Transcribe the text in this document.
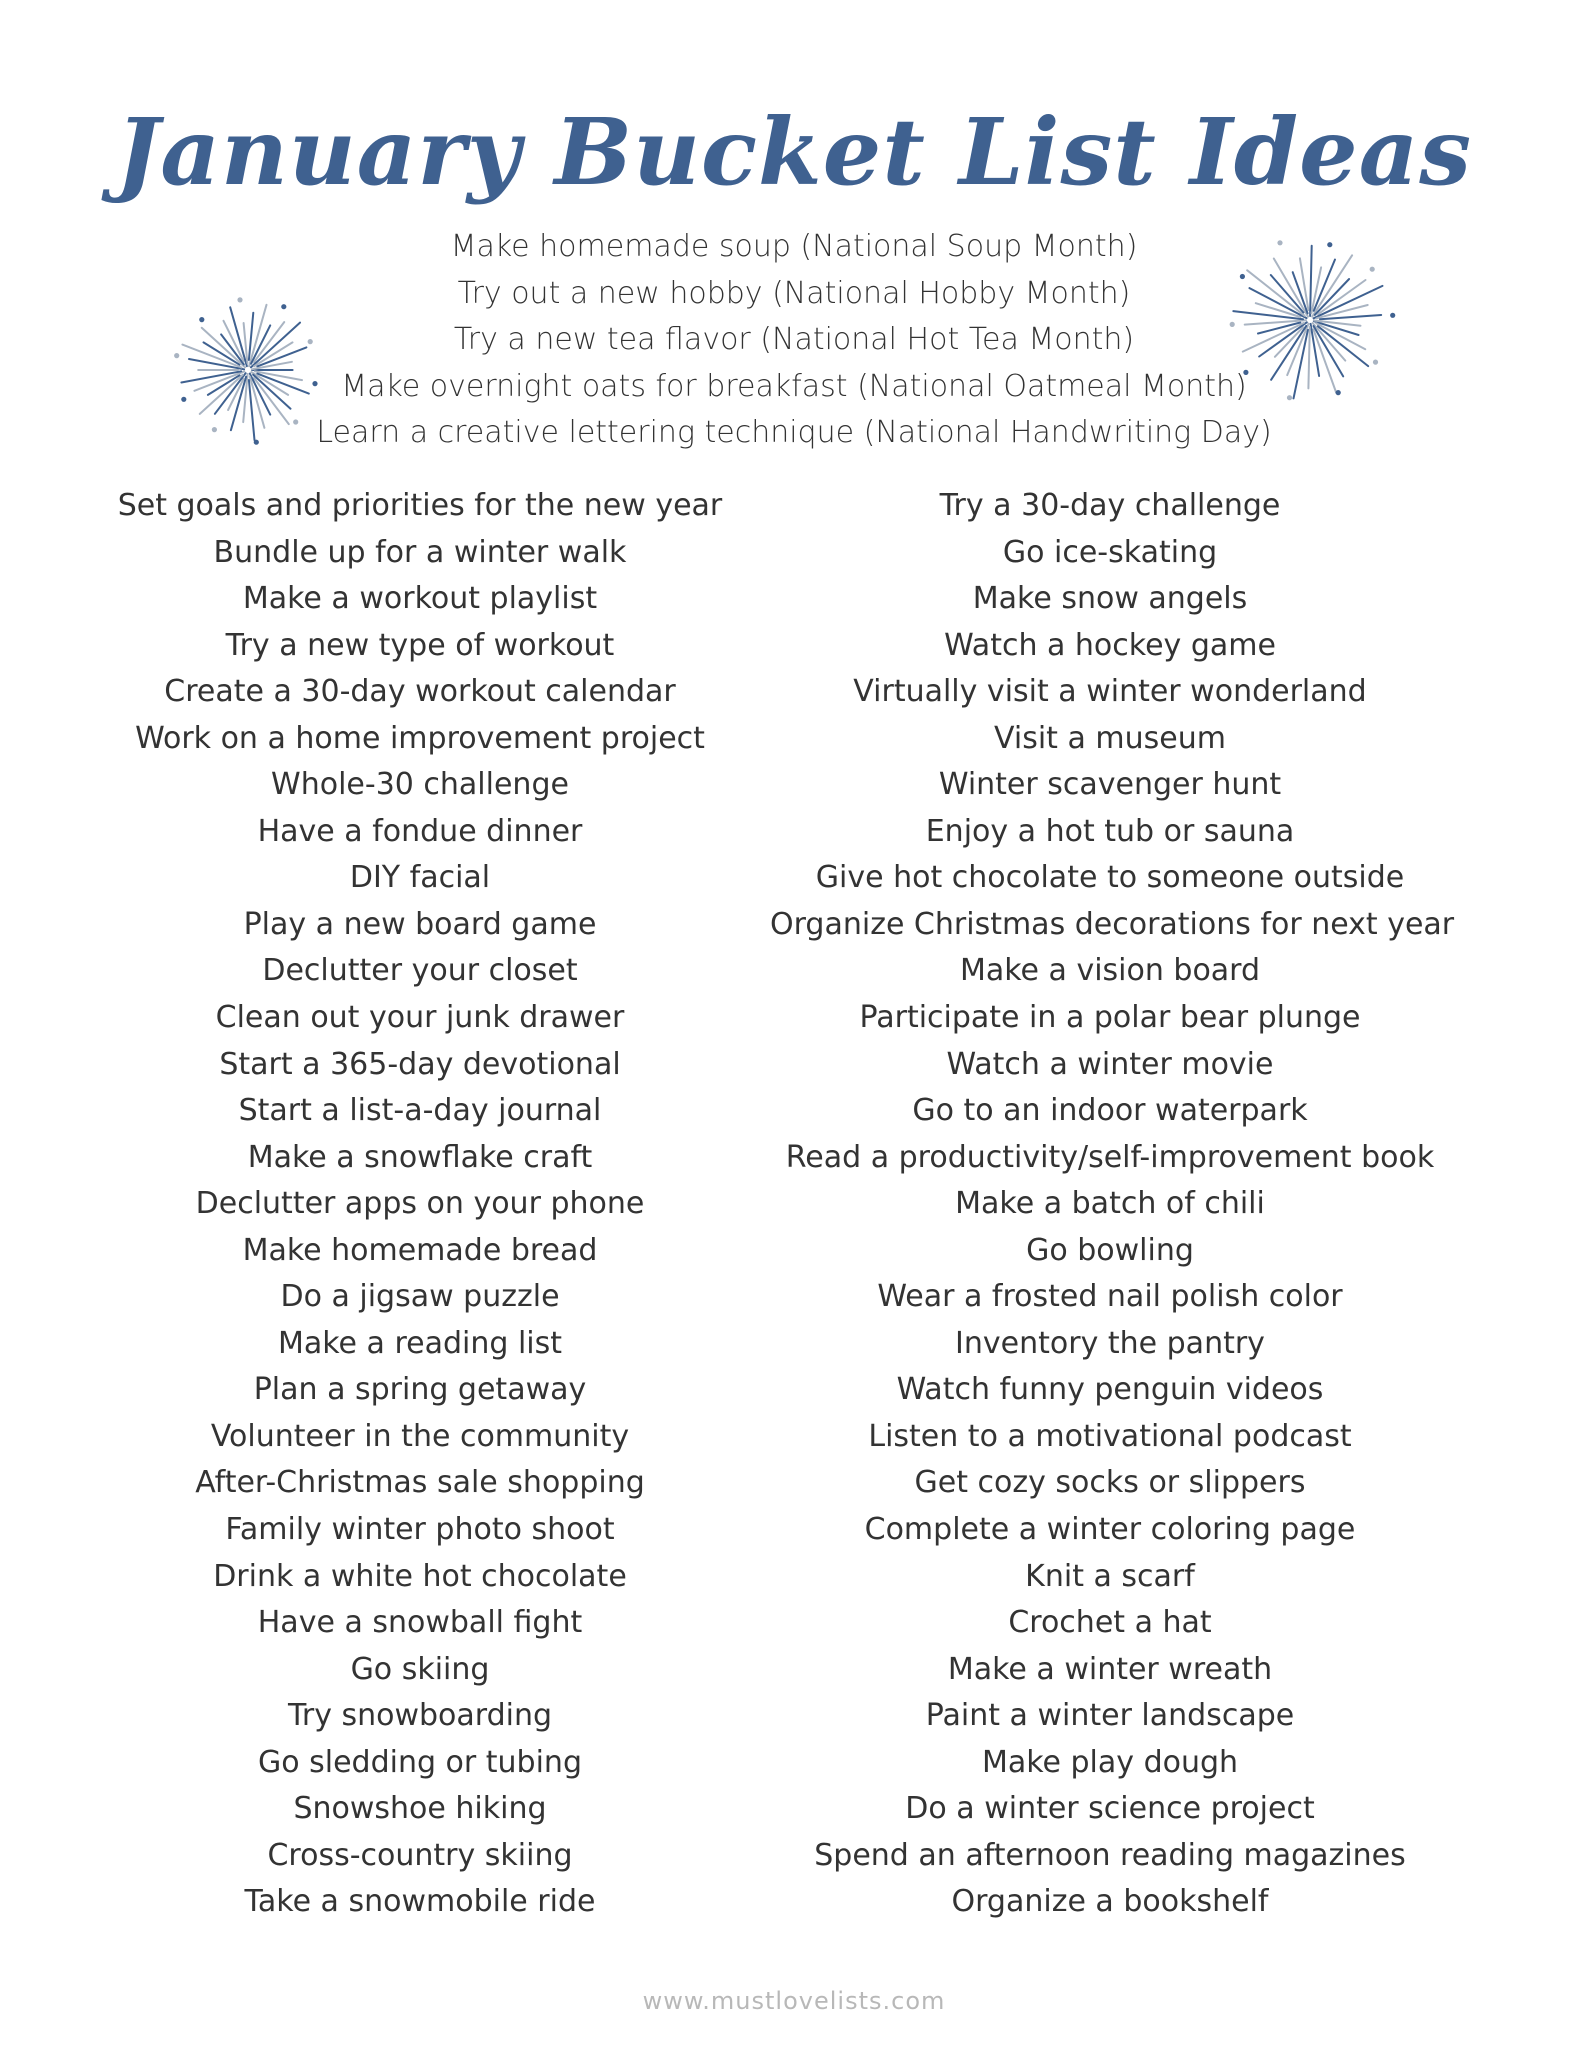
January Bucket List Ideas
Make homemade soup (National Soup Month)
Try out a new hobby (National Hobby Month)
Try a new tea flavor (National Hot Tea Month)
Make overnight oats for breakfast (National Oatmeal Month)
Learn a creative lettering technique (National Handwriting Day)
Set goals and priorities for the new year
Bundle up for a winter walk
Make a workout playlist
Try a new type of workout
Create a 30-day workout calendar
Work on a home improvement project
Whole-30 challenge
Have a fondue dinner
DIY facial
Play a new board game
Declutter your closet
Clean out your junk drawer
Start a 365-day devotional
Start a list-a-day journal
Make a snowflake craft
Declutter apps on your phone
Make homemade bread
Do a jigsaw puzzle
Make a reading list
Plan a spring getaway
Volunteer in the community
After-Christmas sale shopping
Family winter photo shoot
Drink a white hot chocolate
Have a snowball fight
Go skiing
Try snowboarding
Go sledding or tubing
Snowshoe hiking
Cross-country skiing
Take a snowmobile ride
Try a 30-day challenge
Go ice-skating
Make snow angels
Watch a hockey game
Virtually visit a winter wonderland
Visit a museum
Winter scavenger hunt
Enjoy a hot tub or sauna
Give hot chocolate to someone outside
Organize Christmas decorations for next year
Make a vision board
Participate in a polar bear plunge
Watch a winter movie
Go to an indoor waterpark
Read a productivity/self-improvement book
Make a batch of chili
Go bowling
Wear a frosted nail polish color
Inventory the pantry
Watch funny penguin videos
Listen to a motivational podcast
Get cozy socks or slippers
Complete a winter coloring page
Knit a scarf
Crochet a hat
Make a winter wreath
Paint a winter landscape
Make play dough
Do a winter science project
Spend an afternoon reading magazines
Organize a bookshelf
www.mustlovelists.com
